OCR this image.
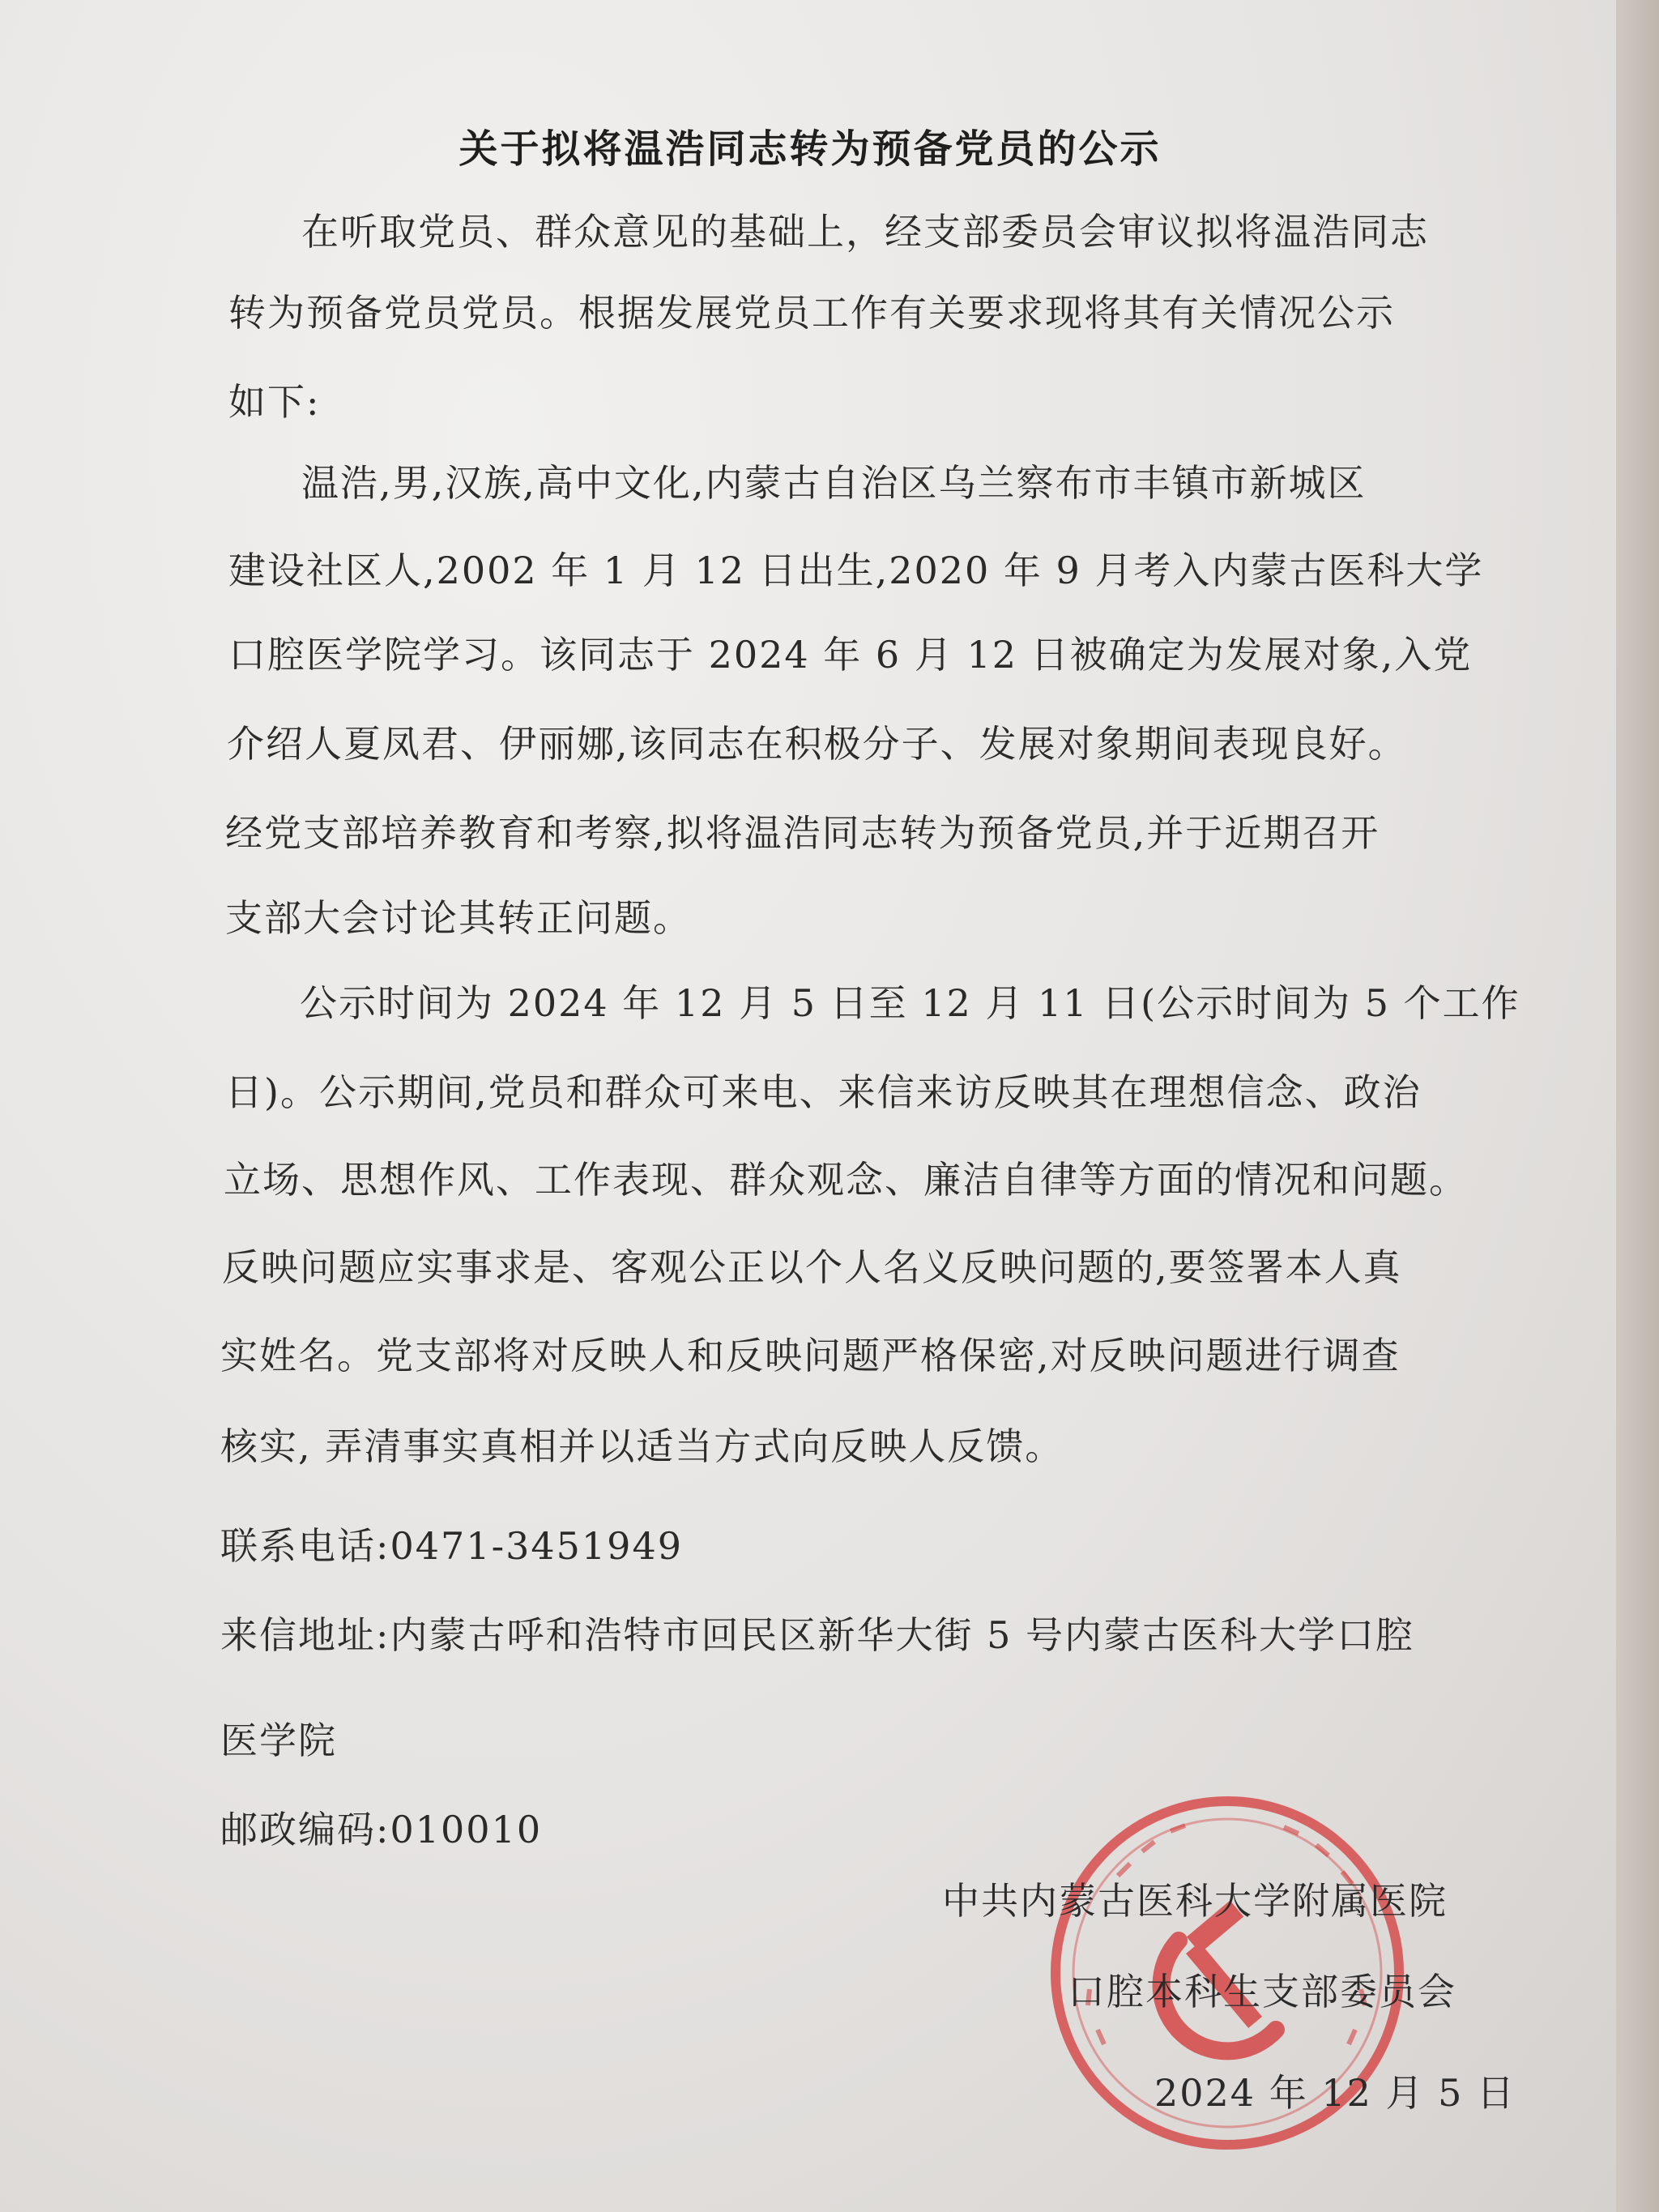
关于拟将温浩同志转为预备党员的公示
在听取党员、群众意见的基础上，经支部委员会审议拟将温浩同志
转为预备党员党员。根据发展党员工作有关要求现将其有关情况公示
如下:
温浩,男,汉族,高中文化,内蒙古自治区乌兰察布市丰镇市新城区
建设社区人,2002 年 1 月 12 日出生,2020 年 9 月考入内蒙古医科大学
口腔医学院学习。该同志于 2024 年 6 月 12 日被确定为发展对象,入党
介绍人夏凤君、伊丽娜,该同志在积极分子、发展对象期间表现良好。
经党支部培养教育和考察,拟将温浩同志转为预备党员,并于近期召开
支部大会讨论其转正问题。
公示时间为 2024 年 12 月 5 日至 12 月 11 日(公示时间为 5 个工作
日)。公示期间,党员和群众可来电、来信来访反映其在理想信念、政治
立场、思想作风、工作表现、群众观念、廉洁自律等方面的情况和问题。
反映问题应实事求是、客观公正以个人名义反映问题的,要签署本人真
实姓名。党支部将对反映人和反映问题严格保密,对反映问题进行调查
核实, 弄清事实真相并以适当方式向反映人反馈。
联系电话:0471-3451949
来信地址:内蒙古呼和浩特市回民区新华大街 5 号内蒙古医科大学口腔
医学院
邮政编码:010010
中共内蒙古医科大学附属医院
口腔本科生支部委员会
2024 年 12 月 5 日
